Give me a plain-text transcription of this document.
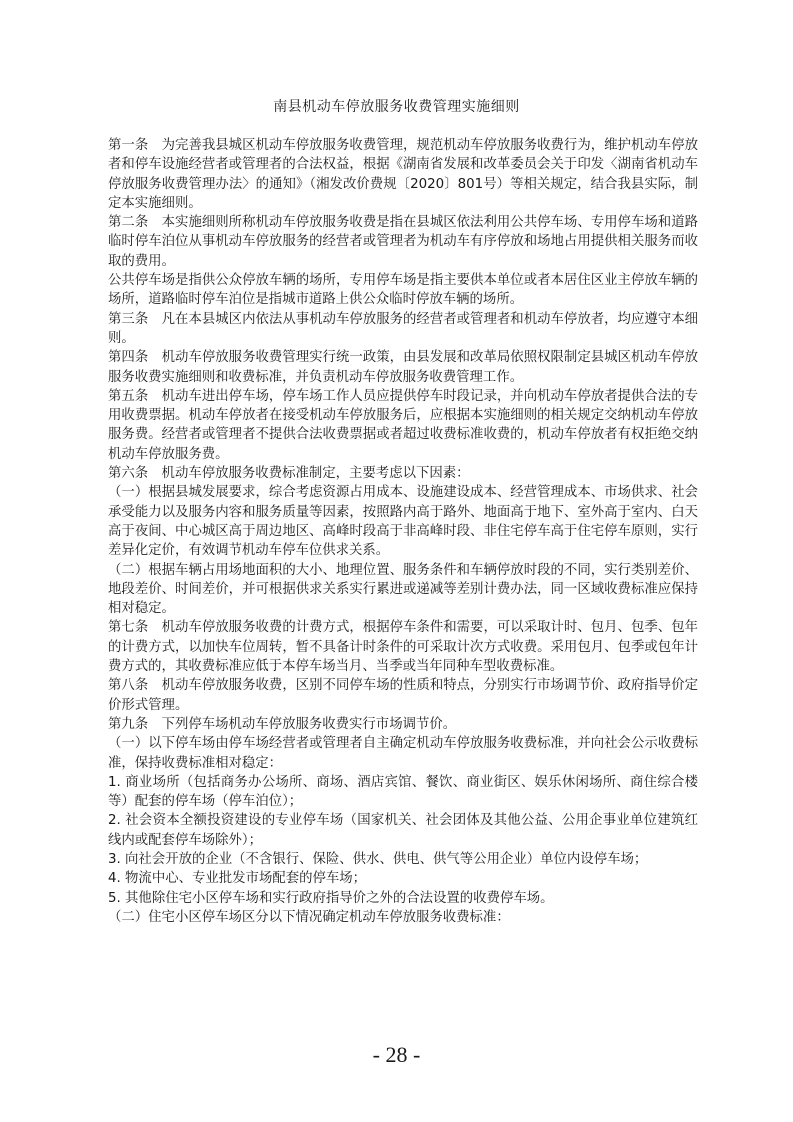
南县机动车停放服务收费管理实施细则

第一条　为完善我县城区机动车停放服务收费管理，规范机动车停放服务收费行为，维护机动车停放者和停车设施经营者或管理者的合法权益，根据《湖南省发展和改革委员会关于印发〈湖南省机动车停放服务收费管理办法〉的通知》（湘发改价费规〔2020〕801号）等相关规定，结合我县实际，制定本实施细则。

第二条　本实施细则所称机动车停放服务收费是指在县城区依法利用公共停车场、专用停车场和道路临时停车泊位从事机动车停放服务的经营者或管理者为机动车有序停放和场地占用提供相关服务而收取的费用。

公共停车场是指供公众停放车辆的场所，专用停车场是指主要供本单位或者本居住区业主停放车辆的场所，道路临时停车泊位是指城市道路上供公众临时停放车辆的场所。

第三条　凡在本县城区内依法从事机动车停放服务的经营者或管理者和机动车停放者，均应遵守本细则。

第四条　机动车停放服务收费管理实行统一政策，由县发展和改革局依照权限制定县城区机动车停放服务收费实施细则和收费标准，并负责机动车停放服务收费管理工作。

第五条　机动车进出停车场，停车场工作人员应提供停车时段记录，并向机动车停放者提供合法的专用收费票据。机动车停放者在接受机动车停放服务后，应根据本实施细则的相关规定交纳机动车停放服务费。经营者或管理者不提供合法收费票据或者超过收费标准收费的，机动车停放者有权拒绝交纳机动车停放服务费。

第六条　机动车停放服务收费标准制定，主要考虑以下因素：

（一）根据县城发展要求，综合考虑资源占用成本、设施建设成本、经营管理成本、市场供求、社会承受能力以及服务内容和服务质量等因素，按照路内高于路外、地面高于地下、室外高于室内、白天高于夜间、中心城区高于周边地区、高峰时段高于非高峰时段、非住宅停车高于住宅停车原则，实行差异化定价，有效调节机动车停车位供求关系。

（二）根据车辆占用场地面积的大小、地理位置、服务条件和车辆停放时段的不同，实行类别差价、地段差价、时间差价，并可根据供求关系实行累进或递减等差别计费办法，同一区域收费标准应保持相对稳定。

第七条　机动车停放服务收费的计费方式，根据停车条件和需要，可以采取计时、包月、包季、包年的计费方式，以加快车位周转，暂不具备计时条件的可采取计次方式收费。采用包月、包季或包年计费方式的，其收费标准应低于本停车场当月、当季或当年同种车型收费标准。

第八条　机动车停放服务收费，区别不同停车场的性质和特点，分别实行市场调节价、政府指导价定价形式管理。

第九条　下列停车场机动车停放服务收费实行市场调节价。

（一）以下停车场由停车场经营者或管理者自主确定机动车停放服务收费标准，并向社会公示收费标准，保持收费标准相对稳定：

1. 商业场所（包括商务办公场所、商场、酒店宾馆、餐饮、商业街区、娱乐休闲场所、商住综合楼等）配套的停车场（停车泊位）；

2. 社会资本全额投资建设的专业停车场（国家机关、社会团体及其他公益、公用企事业单位建筑红线内或配套停车场除外）；

3. 向社会开放的企业（不含银行、保险、供水、供电、供气等公用企业）单位内设停车场；

4. 物流中心、专业批发市场配套的停车场；

5. 其他除住宅小区停车场和实行政府指导价之外的合法设置的收费停车场。

（二）住宅小区停车场区分以下情况确定机动车停放服务收费标准：

- 28 -
